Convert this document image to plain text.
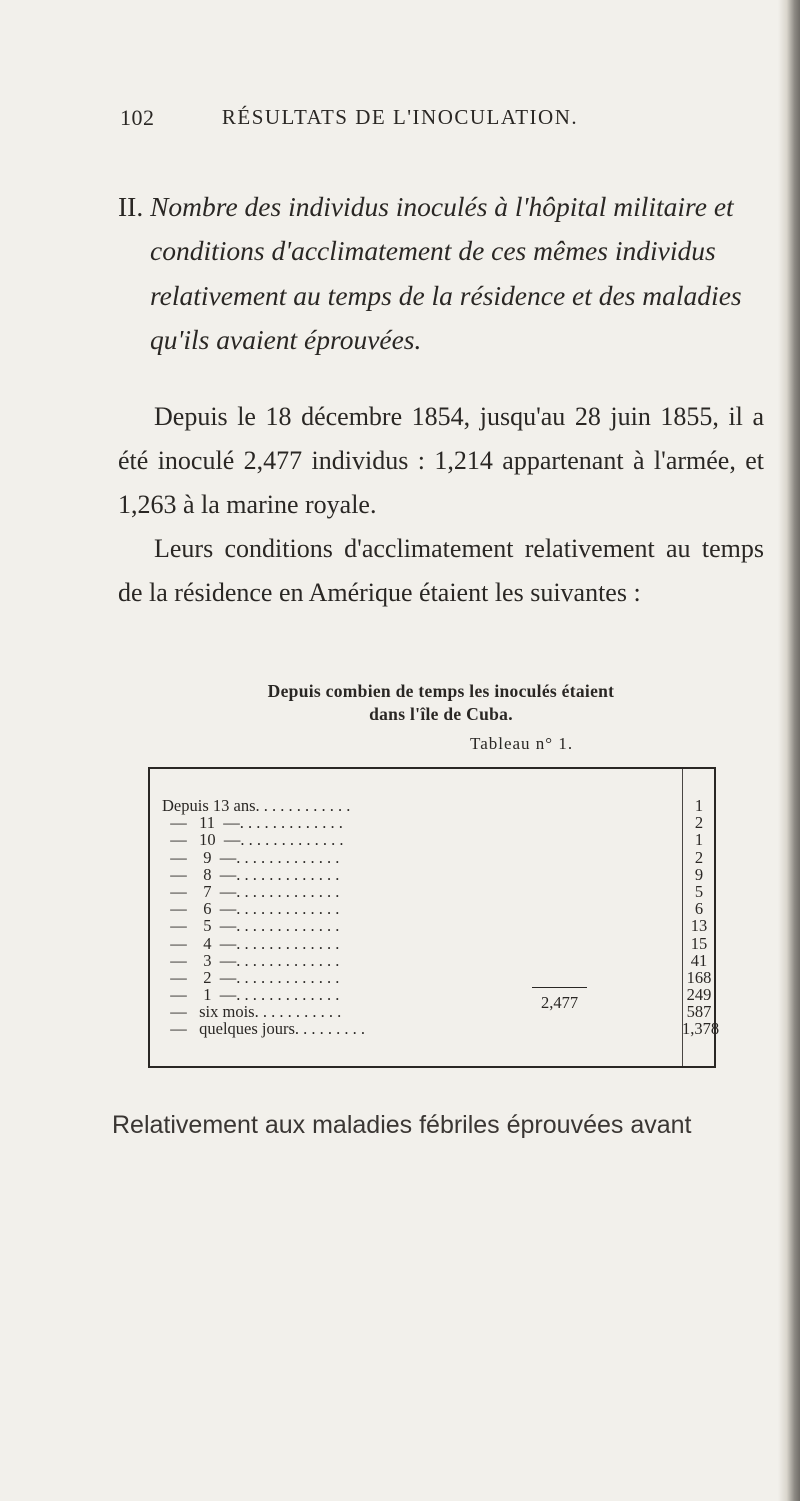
102	RÉSULTATS DE L'INOCULATION.
II. Nombre des individus inoculés à l'hôpital militaire et conditions d'acclimatement de ces mêmes individus relativement au temps de la résidence et des maladies qu'ils avaient éprouvées.
Depuis le 18 décembre 1854, jusqu'au 28 juin 1855, il a été inoculé 2,477 individus : 1,214 appartenant à l'armée, et 1,263 à la marine royale.
Leurs conditions d'acclimatement relativement au temps de la résidence en Amérique étaient les suivantes :
Depuis combien de temps les inoculés étaient
dans l'île de Cuba.
Tableau n° 1.
Depuis 13 ans. . . . . . . . . . . .	1
—   11  —. . . . . . . . . . . . .	2
—   10  —. . . . . . . . . . . . .	1
—    9  —. . . . . . . . . . . . .	2
—    8  —. . . . . . . . . . . . .	9
—    7  —. . . . . . . . . . . . .	5
—    6  —. . . . . . . . . . . . .	6
—    5  —. . . . . . . . . . . . .	13
—    4  —. . . . . . . . . . . . .	15
—    3  —. . . . . . . . . . . . .	41
—    2  —. . . . . . . . . . . . .	168
—    1  —. . . . . . . . . . . . .	249
—   six mois. . . . . . . . . . .	587
—   quelques jours. . . . . . . . .	1,378
2,477
Relativement aux maladies fébriles éprouvées avant
